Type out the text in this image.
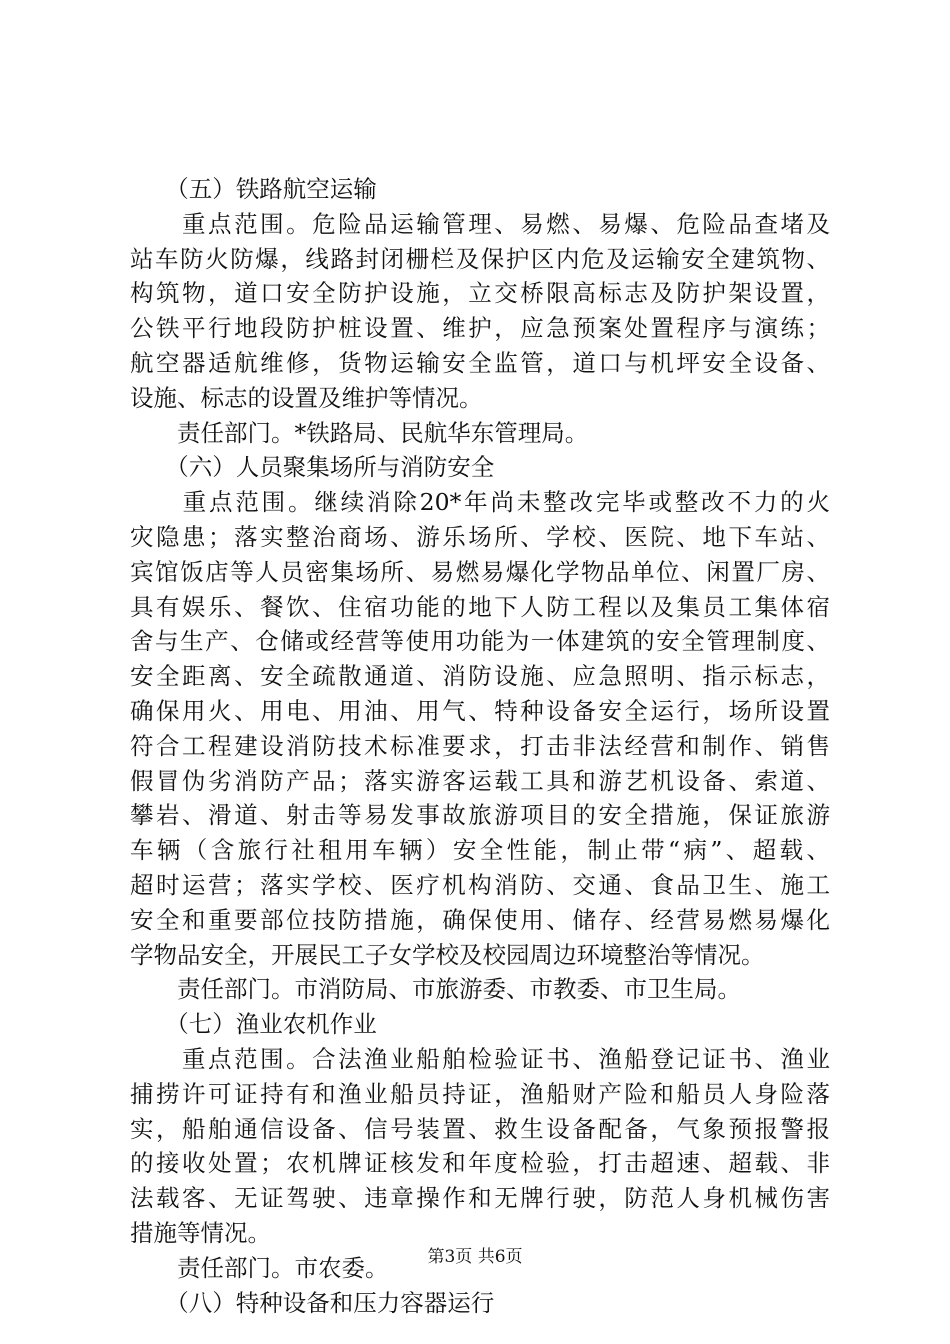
　　（五）铁路航空运输
　　重点范围。危险品运输管理、易燃、易爆、危险品查堵及
站车防火防爆，线路封闭栅栏及保护区内危及运输安全建筑物、
构筑物，道口安全防护设施，立交桥限高标志及防护架设置，
公铁平行地段防护桩设置、维护，应急预案处置程序与演练；
航空器适航维修，货物运输安全监管，道口与机坪安全设备、
设施、标志的设置及维护等情况。
　　责任部门。*铁路局、民航华东管理局。
　　（六）人员聚集场所与消防安全
　　重点范围。继续消除20*年尚未整改完毕或整改不力的火
灾隐患；落实整治商场、游乐场所、学校、医院、地下车站、
宾馆饭店等人员密集场所、易燃易爆化学物品单位、闲置厂房、
具有娱乐、餐饮、住宿功能的地下人防工程以及集员工集体宿
舍与生产、仓储或经营等使用功能为一体建筑的安全管理制度、
安全距离、安全疏散通道、消防设施、应急照明、指示标志，
确保用火、用电、用油、用气、特种设备安全运行，场所设置
符合工程建设消防技术标准要求，打击非法经营和制作、销售
假冒伪劣消防产品；落实游客运载工具和游艺机设备、索道、
攀岩、滑道、射击等易发事故旅游项目的安全措施，保证旅游
车辆（含旅行社租用车辆）安全性能，制止带“病”、超载、
超时运营；落实学校、医疗机构消防、交通、食品卫生、施工
安全和重要部位技防措施，确保使用、储存、经营易燃易爆化
学物品安全，开展民工子女学校及校园周边环境整治等情况。
　　责任部门。市消防局、市旅游委、市教委、市卫生局。
　　（七）渔业农机作业
　　重点范围。合法渔业船舶检验证书、渔船登记证书、渔业
捕捞许可证持有和渔业船员持证，渔船财产险和船员人身险落
实，船舶通信设备、信号装置、救生设备配备，气象预报警报
的接收处置；农机牌证核发和年度检验，打击超速、超载、非
法载客、无证驾驶、违章操作和无牌行驶，防范人身机械伤害
措施等情况。
　　责任部门。市农委。
　　（八）特种设备和压力容器运行
第3页 共6页
